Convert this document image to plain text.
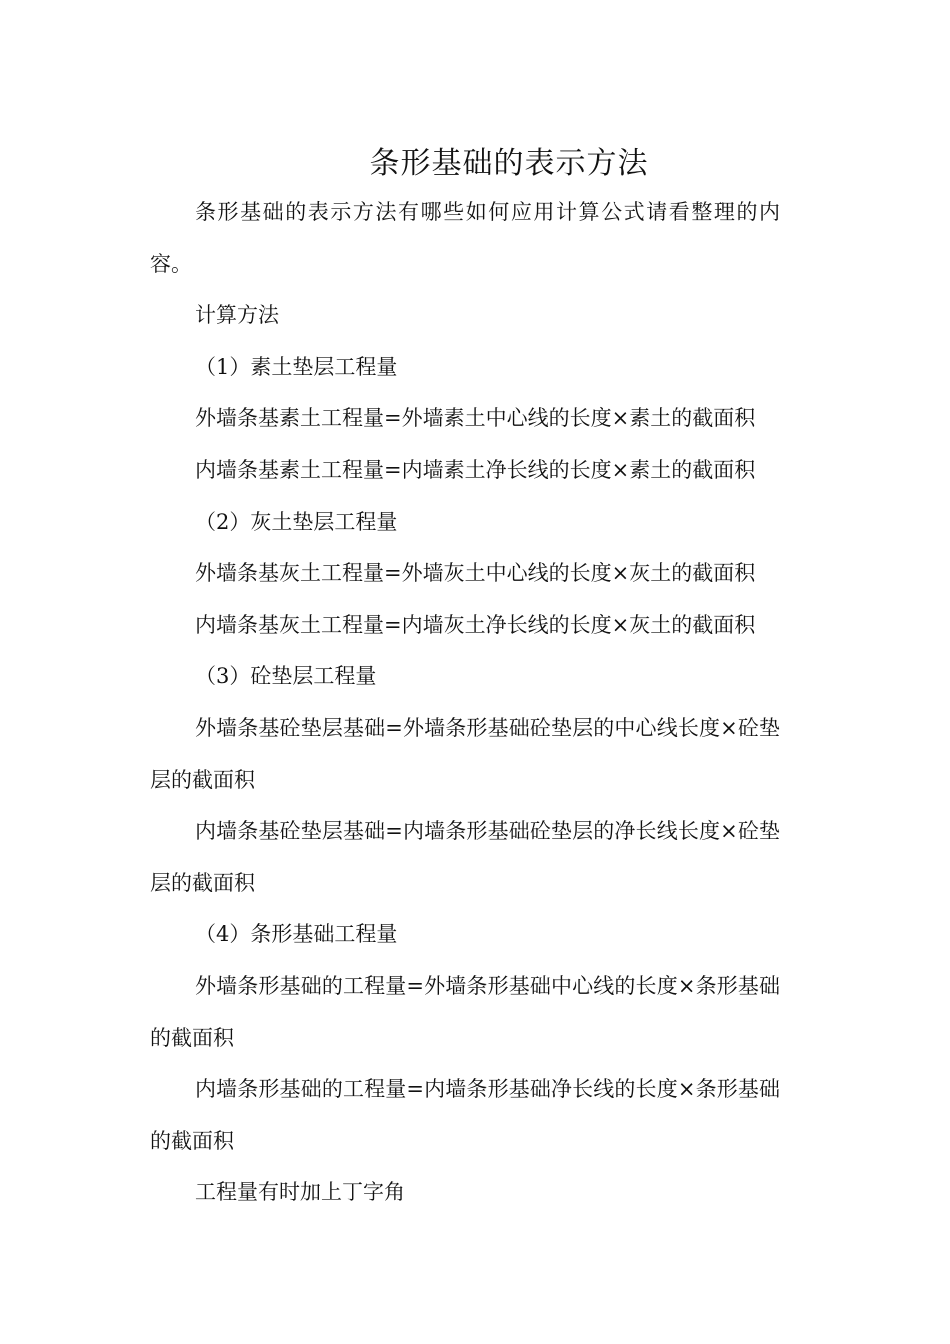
条形基础的表示方法

条形基础的表示方法有哪些如何应用计算公式请看整理的内容。

计算方法

（1）素土垫层工程量

外墙条基素土工程量=外墙素土中心线的长度×素土的截面积

内墙条基素土工程量=内墙素土净长线的长度×素土的截面积

（2）灰土垫层工程量

外墙条基灰土工程量=外墙灰土中心线的长度×灰土的截面积

内墙条基灰土工程量=内墙灰土净长线的长度×灰土的截面积

（3）砼垫层工程量

外墙条基砼垫层基础=外墙条形基础砼垫层的中心线长度×砼垫层的截面积

内墙条基砼垫层基础=内墙条形基础砼垫层的净长线长度×砼垫层的截面积

（4）条形基础工程量

外墙条形基础的工程量=外墙条形基础中心线的长度×条形基础的截面积

内墙条形基础的工程量=内墙条形基础净长线的长度×条形基础的截面积

工程量有时加上丁字角
